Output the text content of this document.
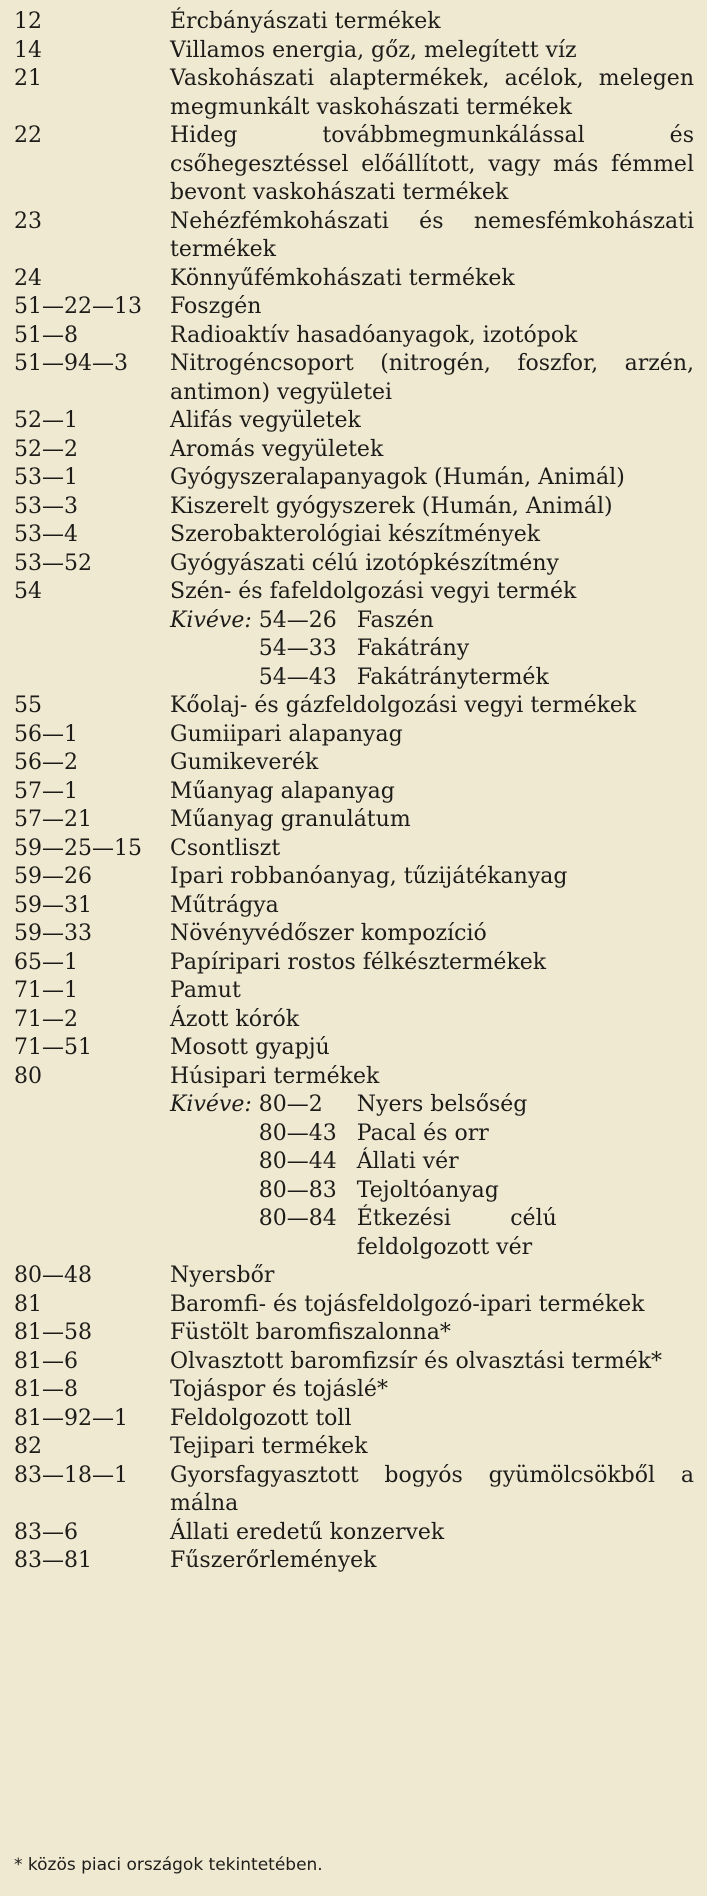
12	Ércbányászati termékek
14	Villamos energia, gőz, melegített víz
21	Vaskohászati alaptermékek, acélok, melegen megmunkált vaskohászati termékek
22	Hideg továbbmegmunkálással és csőhegesztéssel előállított, vagy más fémmel bevont vaskohászati termékek
23	Nehézfémkohászati és nemesfémkohászati termékek
24	Könnyűfémkohászati termékek
51—22—13	Foszgén
51—8	Radioaktív hasadóanyagok, izotópok
51—94—3	Nitrogéncsoport (nitrogén, foszfor, arzén, antimon) vegyületei
52—1	Alifás vegyületek
52—2	Aromás vegyületek
53—1	Gyógyszeralapanyagok (Humán, Animál)
53—3	Kiszerelt gyógyszerek (Humán, Animál)
53—4	Szerobakterológiai készítmények
53—52	Gyógyászati célú izotópkészítmény
54	Szén- és fafeldolgozási vegyi termék
Kivéve: 54—26 Faszén
54—33 Fakátrány
54—43 Fakátránytermék
55	Kőolaj- és gázfeldolgozási vegyi termékek
56—1	Gumiipari alapanyag
56—2	Gumikeverék
57—1	Műanyag alapanyag
57—21	Műanyag granulátum
59—25—15	Csontliszt
59—26	Ipari robbanóanyag, tűzijátékanyag
59—31	Műtrágya
59—33	Növényvédőszer kompozíció
65—1	Papíripari rostos félkésztermékek
71—1	Pamut
71—2	Ázott kórók
71—51	Mosott gyapjú
80	Húsipari termékek
Kivéve: 80—2	Nyers belsőség
80—43 Pacal és orr
80—44 Állati vér
80—83 Tejoltóanyag
80—84 Étkezési célú feldolgozott vér
80—48	Nyersbőr
81	Baromfi- és tojásfeldolgozó-ipari termékek
81—58	Füstölt baromfiszalonna*
81—6	Olvasztott baromfizsír és olvasztási termék*
81—8	Tojáspor és tojáslé*
81—92—1	Feldolgozott toll
82	Tejipari termékek
83—18—1	Gyorsfagyasztott bogyós gyümölcsökből a málna
83—6	Állati eredetű konzervek
83—81	Fűszerőrlemények
* közös piaci országok tekintetében.
